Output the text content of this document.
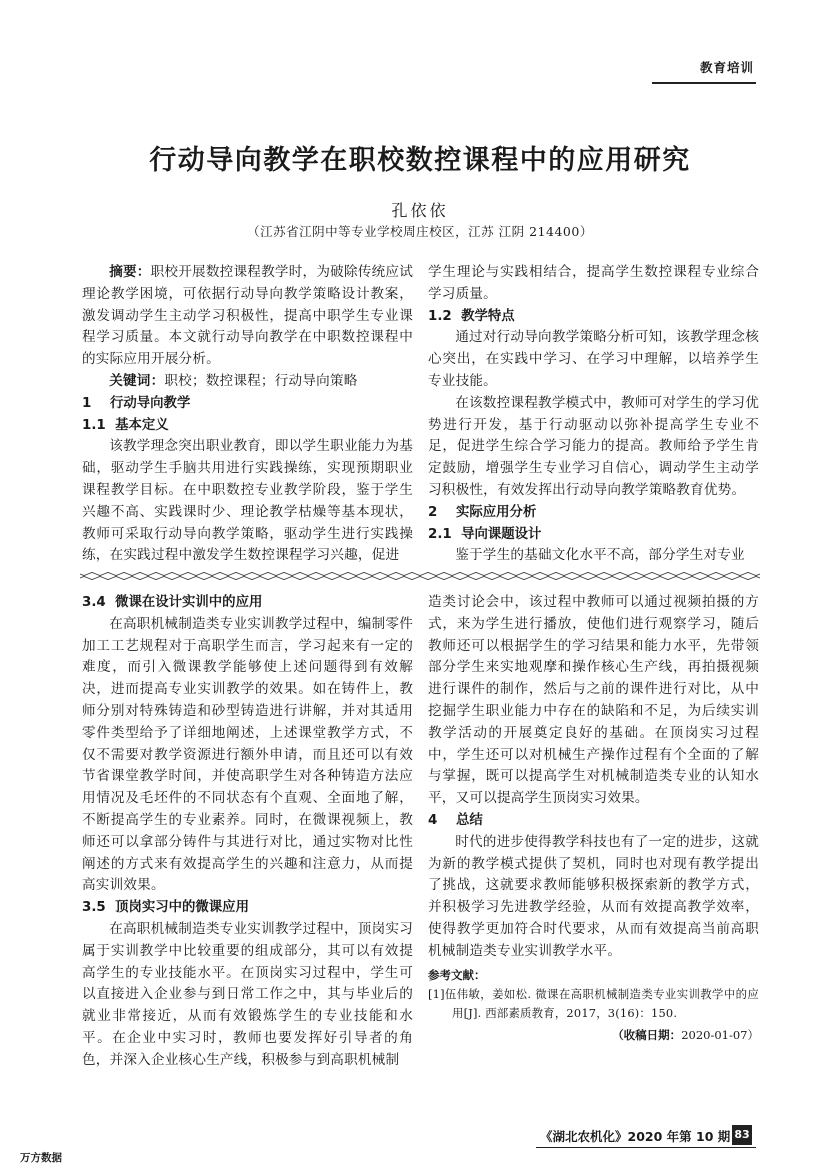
教育培训
行动导向教学在职校数控课程中的应用研究
孔依依
（江苏省江阴中等专业学校周庄校区，江苏 江阴 214400）
摘要：职校开展数控课程教学时，为破除传统应试理论教学困境，可依据行动导向教学策略设计教案，激发调动学生主动学习积极性，提高中职学生专业课程学习质量。本文就行动导向教学在中职数控课程中的实际应用开展分析。
关键词：职校；数控课程；行动导向策略
1 行动导向教学
1.1 基本定义
该教学理念突出职业教育，即以学生职业能力为基础，驱动学生手脑共用进行实践操练，实现预期职业课程教学目标。在中职数控专业教学阶段，鉴于学生兴趣不高、实践课时少、理论教学枯燥等基本现状，教师可采取行动导向教学策略，驱动学生进行实践操练，在实践过程中激发学生数控课程学习兴趣，促进
学生理论与实践相结合，提高学生数控课程专业综合学习质量。
1.2 教学特点
通过对行动导向教学策略分析可知，该教学理念核心突出，在实践中学习、在学习中理解，以培养学生专业技能。
在该数控课程教学模式中，教师可对学生的学习优势进行开发，基于行动驱动以弥补提高学生专业不足，促进学生综合学习能力的提高。教师给予学生肯定鼓励，增强学生专业学习自信心，调动学生主动学习积极性，有效发挥出行动导向教学策略教育优势。
2 实际应用分析
2.1 导向课题设计
鉴于学生的基础文化水平不高，部分学生对专业
3.4 微课在设计实训中的应用
在高职机械制造类专业实训教学过程中，编制零件加工工艺规程对于高职学生而言，学习起来有一定的难度，而引入微课教学能够使上述问题得到有效解决，进而提高专业实训教学的效果。如在铸件上，教师分别对特殊铸造和砂型铸造进行讲解，并对其适用零件类型给予了详细地阐述，上述课堂教学方式，不仅不需要对教学资源进行额外申请，而且还可以有效节省课堂教学时间，并使高职学生对各种铸造方法应用情况及毛坯件的不同状态有个直观、全面地了解，不断提高学生的专业素养。同时，在微课视频上，教师还可以拿部分铸件与其进行对比，通过实物对比性阐述的方式来有效提高学生的兴趣和注意力，从而提高实训效果。
3.5 顶岗实习中的微课应用
在高职机械制造类专业实训教学过程中，顶岗实习属于实训教学中比较重要的组成部分，其可以有效提高学生的专业技能水平。在顶岗实习过程中，学生可以直接进入企业参与到日常工作之中，其与毕业后的就业非常接近，从而有效锻炼学生的专业技能和水平。在企业中实习时，教师也要发挥好引导者的角色，并深入企业核心生产线，积极参与到高职机械制
造类讨论会中，该过程中教师可以通过视频拍摄的方式，来为学生进行播放，使他们进行观察学习，随后教师还可以根据学生的学习结果和能力水平，先带领部分学生来实地观摩和操作核心生产线，再拍摄视频进行课件的制作，然后与之前的课件进行对比，从中挖掘学生职业能力中存在的缺陷和不足，为后续实训教学活动的开展奠定良好的基础。在顶岗实习过程中，学生还可以对机械生产操作过程有个全面的了解与掌握，既可以提高学生对机械制造类专业的认知水平，又可以提高学生顶岗实习效果。
4 总结
时代的进步使得教学科技也有了一定的进步，这就为新的教学模式提供了契机，同时也对现有教学提出了挑战，这就要求教师能够积极探索新的教学方式，并积极学习先进教学经验，从而有效提高教学效率，使得教学更加符合时代要求，从而有效提高当前高职机械制造类专业实训教学水平。
参考文献：
[1]伍伟敏，姜如松. 微课在高职机械制造类专业实训教学中的应用[J]. 西部素质教育，2017，3(16)：150.
（收稿日期：2020-01-07）
《湖北农机化》2020 年第 10 期 83
万方数据
